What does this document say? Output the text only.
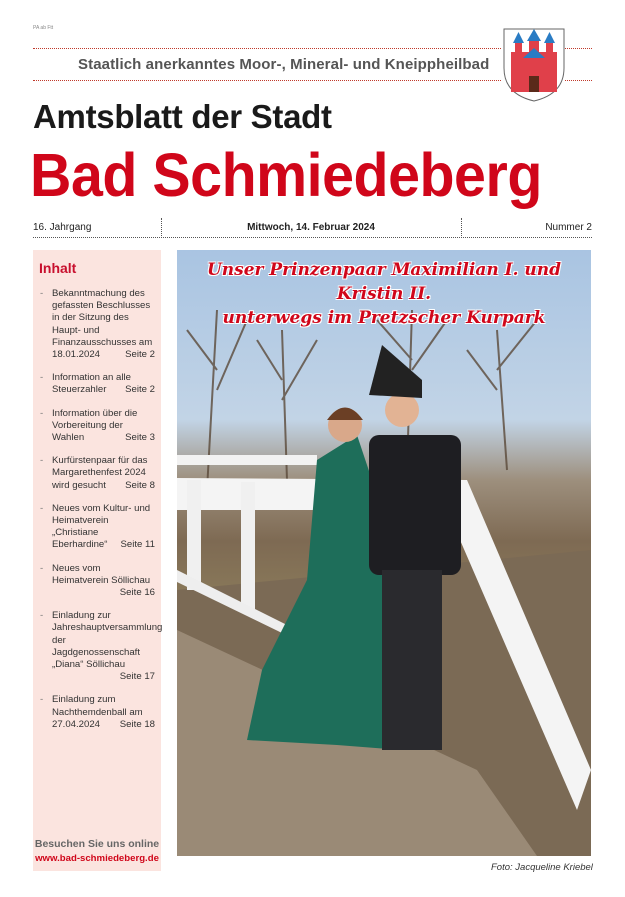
PA ab Ftt
Staatlich anerkanntes Moor-, Mineral- und Kneippheilbad
Amtsblatt der Stadt
Bad Schmiedeberg
16. Jahrgang	Mittwoch, 14. Februar 2024	Nummer 2
Inhalt
- Bekanntmachung des gefassten Beschlusses in der Sitzung des Haupt- und Finanzausschusses am 18.01.2024	Seite 2
- Information an alle Steuerzahler Seite 2
- Information über die Vorbereitung der Wahlen	Seite 3
- Kurfürstenpaar für das Margarethenfest 2024 wird gesucht Seite 8
- Neues vom Kultur- und Heimatverein „Christiane Eberhardine“ Seite 11
- Neues vom Heimatverein Söllichau
Seite 16
- Einladung zur Jahreshauptversammlung der Jagdgenossenschaft „Diana“ Söllichau
Seite 17
- Einladung zum Nachthemdenball am 27.04.2024 Seite 18
Besuchen Sie uns online
www.bad-schmiedeberg.de
Unser Prinzenpaar Maximilian I. und Kristin II.
unterwegs im Pretzscher Kurpark
Foto: Jacqueline Kriebel
